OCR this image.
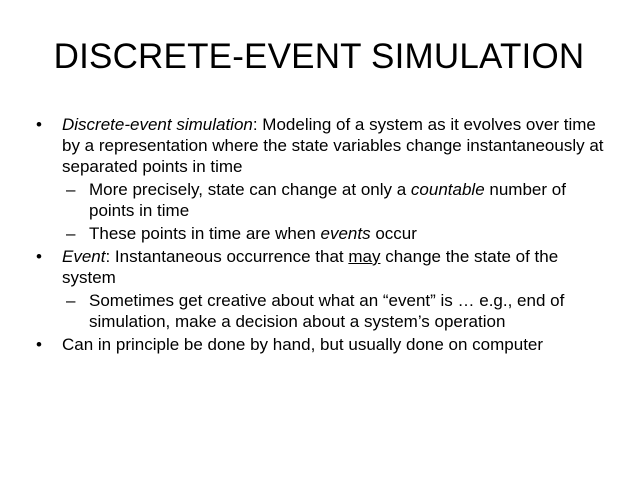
DISCRETE-EVENT SIMULATION
• Discrete-event simulation: Modeling of a system as it evolves over time by a representation where the state variables change instantaneously at separated points in time
– More precisely, state can change at only a countable number of points in time
– These points in time are when events occur
• Event: Instantaneous occurrence that may change the state of the system
– Sometimes get creative about what an “event” is … e.g., end of simulation, make a decision about a system’s operation
• Can in principle be done by hand, but usually done on computer
